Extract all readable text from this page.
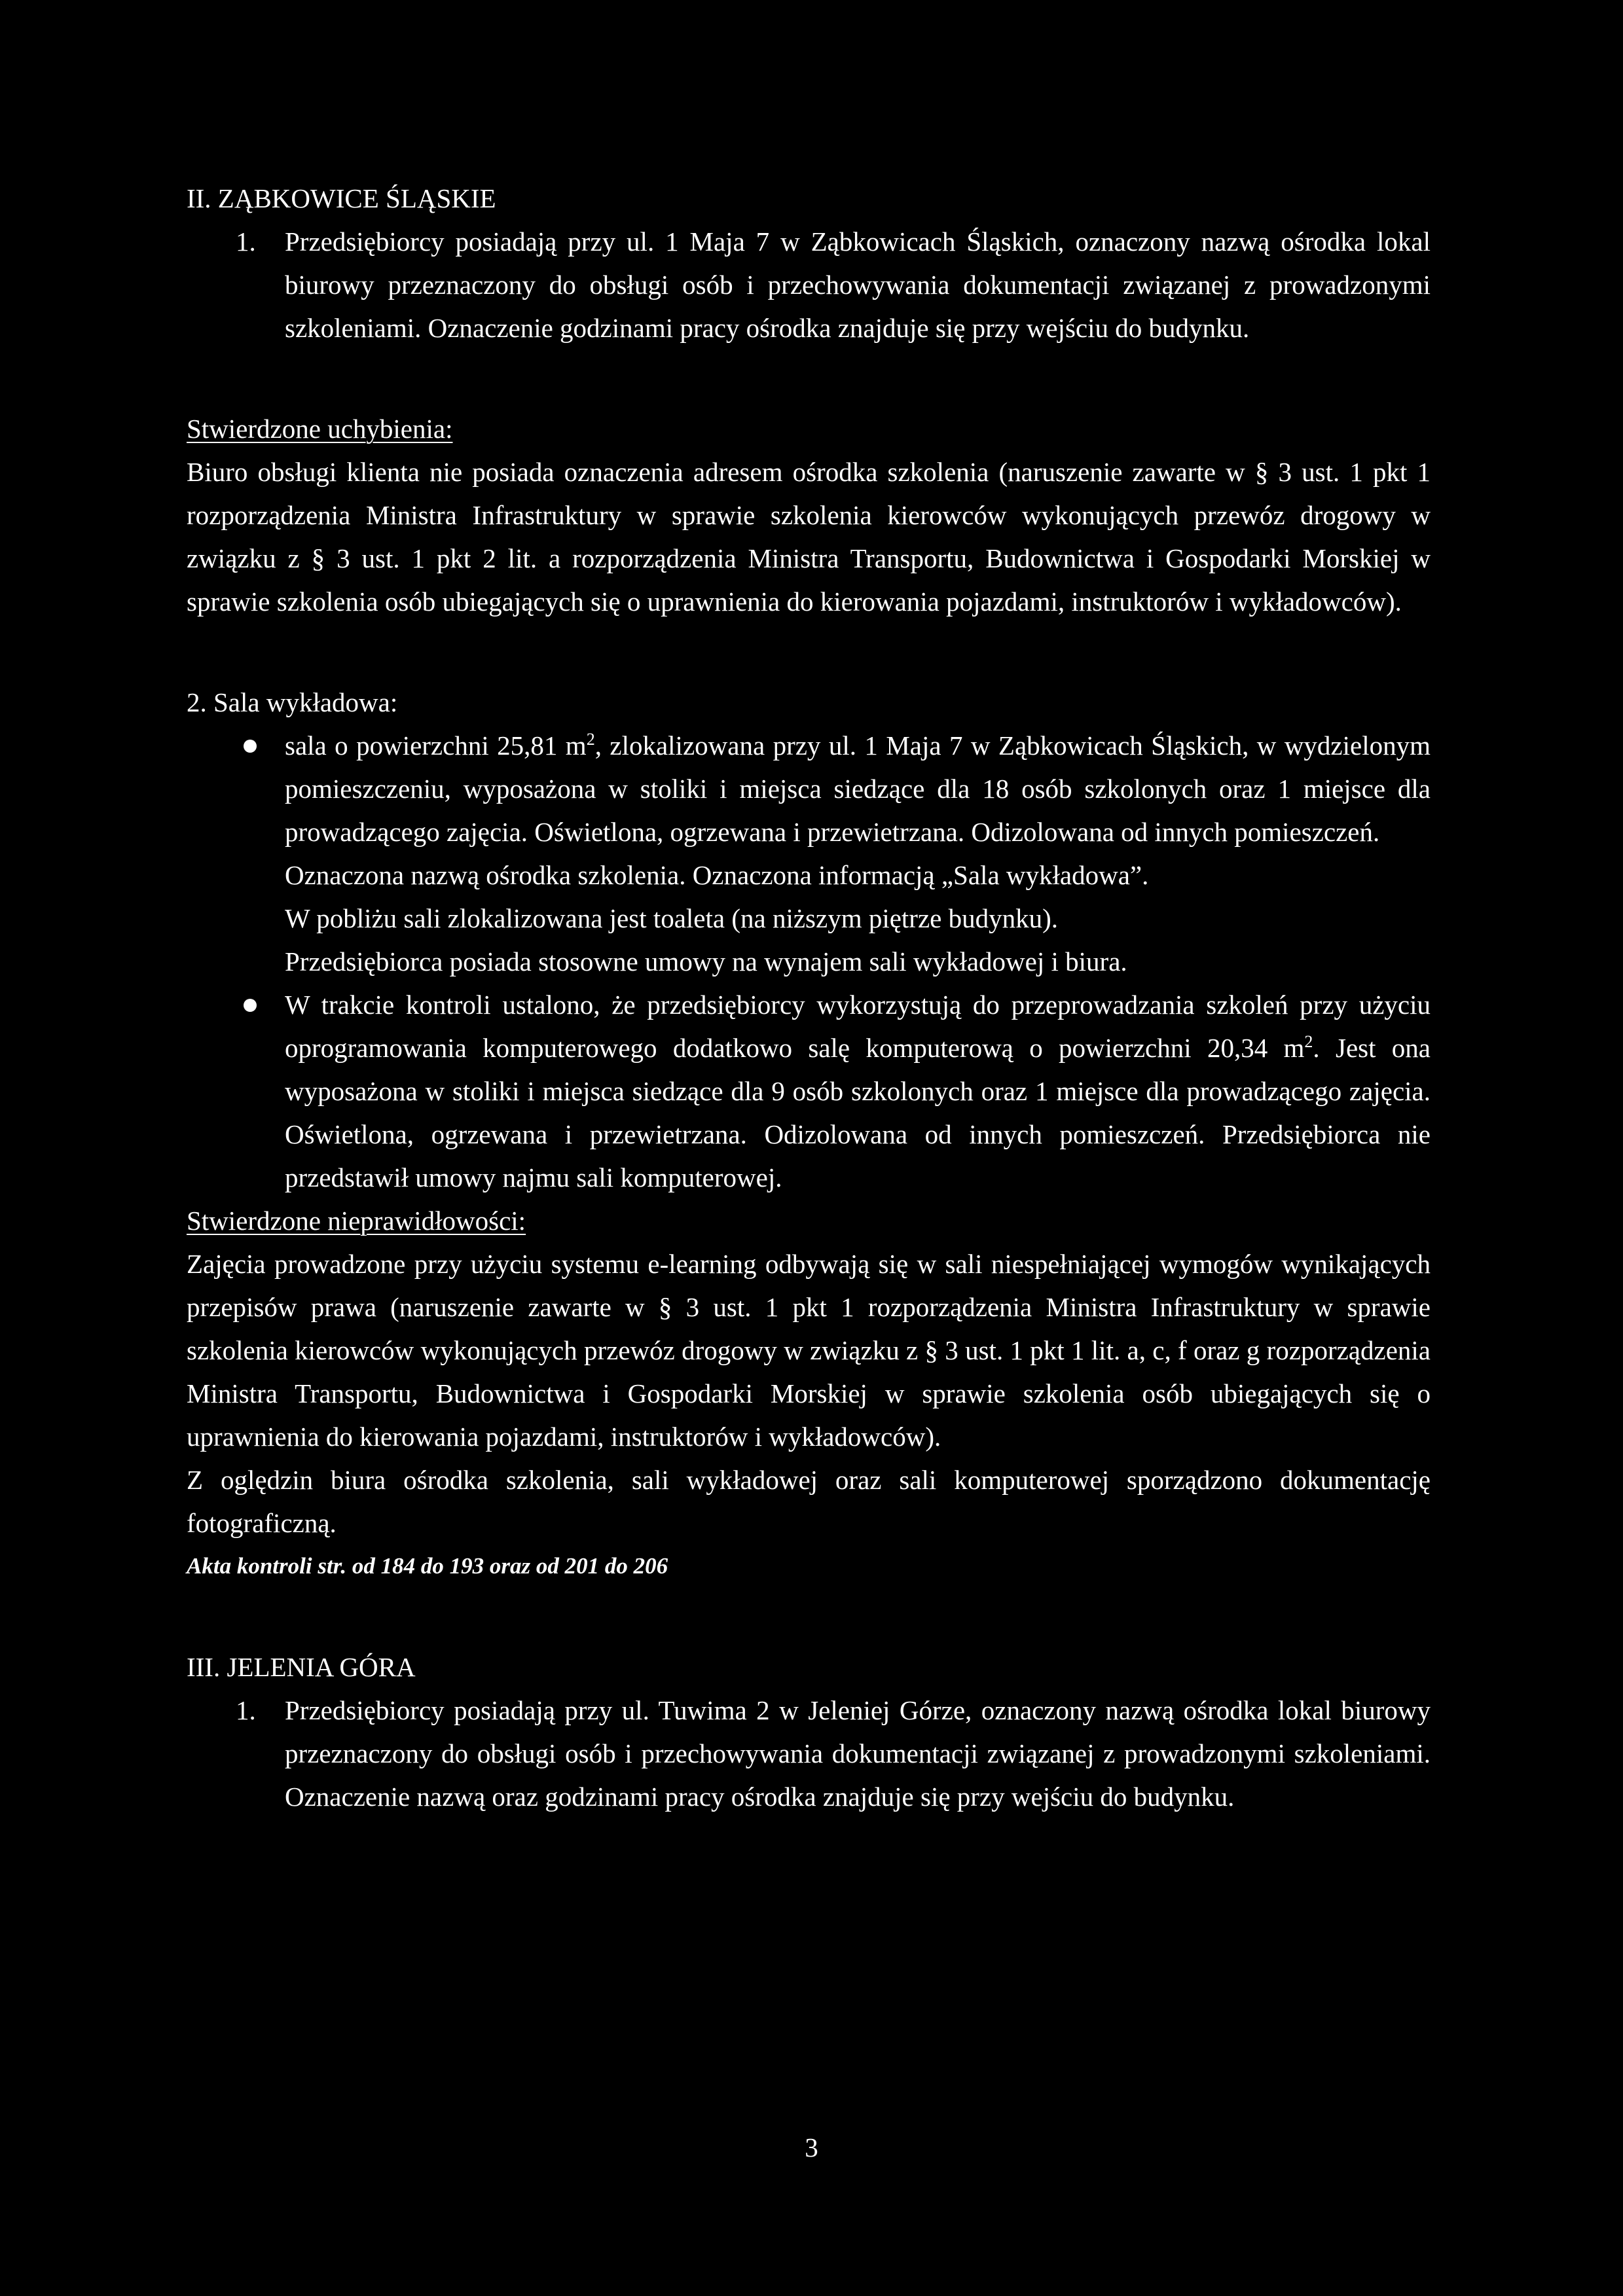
II. ZĄBKOWICE ŚLĄSKIE

1. Przedsiębiorcy posiadają przy ul. 1 Maja 7 w Ząbkowicach Śląskich, oznaczony nazwą ośrodka lokal biurowy przeznaczony do obsługi osób i przechowywania dokumentacji związanej z prowadzonymi szkoleniami. Oznaczenie godzinami pracy ośrodka znajduje się przy wejściu do budynku.

Stwierdzone uchybienia:

Biuro obsługi klienta nie posiada oznaczenia adresem ośrodka szkolenia (naruszenie zawarte w § 3 ust. 1 pkt 1 rozporządzenia Ministra Infrastruktury w sprawie szkolenia kierowców wykonujących przewóz drogowy w związku z § 3 ust. 1 pkt 2 lit. a rozporządzenia Ministra Transportu, Budownictwa i Gospodarki Morskiej w sprawie szkolenia osób ubiegających się o uprawnienia do kierowania pojazdami, instruktorów i wykładowców).

2. Sala wykładowa:

sala o powierzchni 25,81 $m^2$, zlokalizowana przy ul. 1 Maja 7 w Ząbkowicach Śląskich, w wydzielonym pomieszczeniu, wyposażona w stoliki i miejsca siedzące dla 18 osób szkolonych oraz 1 miejsce dla prowadzącego zajęcia. Oświetlona, ogrzewana i przewietrzana. Odizolowana od innych pomieszczeń.

Oznaczona nazwą ośrodka szkolenia. Oznaczona informacją „Sala wykładowa”.

W pobliżu sali zlokalizowana jest toaleta (na niższym piętrze budynku).

Przedsiębiorca posiada stosowne umowy na wynajem sali wykładowej i biura.

W trakcie kontroli ustalono, że przedsiębiorcy wykorzystują do przeprowadzania szkoleń przy użyciu oprogramowania komputerowego dodatkowo salę komputerową o powierzchni 20,34 $m^2$. Jest ona wyposażona w stoliki i miejsca siedzące dla 9 osób szkolonych oraz 1 miejsce dla prowadzącego zajęcia. Oświetlona, ogrzewana i przewietrzana. Odizolowana od innych pomieszczeń. Przedsiębiorca nie przedstawił umowy najmu sali komputerowej.

Stwierdzone nieprawidłowości:

Zajęcia prowadzone przy użyciu systemu e-learning odbywają się w sali niespełniającej wymogów wynikających przepisów prawa (naruszenie zawarte w § 3 ust. 1 pkt 1 rozporządzenia Ministra Infrastruktury w sprawie szkolenia kierowców wykonujących przewóz drogowy w związku z § 3 ust. 1 pkt 1 lit. a, c, f oraz g rozporządzenia Ministra Transportu, Budownictwa i Gospodarki Morskiej w sprawie szkolenia osób ubiegających się o uprawnienia do kierowania pojazdami, instruktorów i wykładowców).

Z oględzin biura ośrodka szkolenia, sali wykładowej oraz sali komputerowej sporządzono dokumentację fotograficzną.

Akta kontroli str. od 184 do 193 oraz od 201 do 206

III. JELENIA GÓRA

1. Przedsiębiorcy posiadają przy ul. Tuwima 2 w Jeleniej Górze, oznaczony nazwą ośrodka lokal biurowy przeznaczony do obsługi osób i przechowywania dokumentacji związanej z prowadzonymi szkoleniami. Oznaczenie nazwą oraz godzinami pracy ośrodka znajduje się przy wejściu do budynku.
3
